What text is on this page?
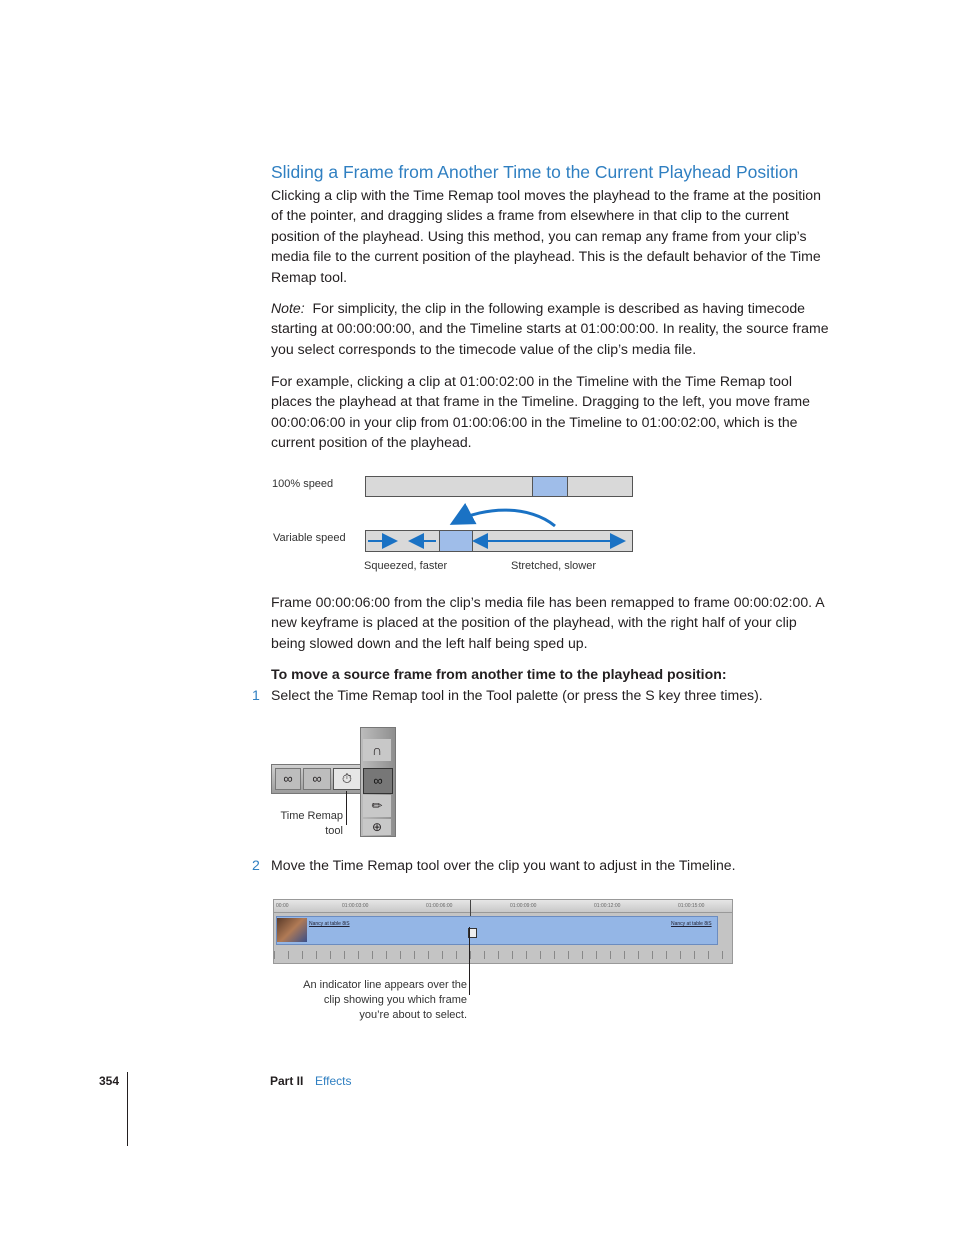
Sliding a Frame from Another Time to the Current Playhead Position
Clicking a clip with the Time Remap tool moves the playhead to the frame at the position of the pointer, and dragging slides a frame from elsewhere in that clip to the current position of the playhead. Using this method, you can remap any frame from your clip’s media file to the current position of the playhead. This is the default behavior of the Time Remap tool.
Note: For simplicity, the clip in the following example is described as having timecode starting at 00:00:00:00, and the Timeline starts at 01:00:00:00. In reality, the source frame you select corresponds to the timecode value of the clip’s media file.
For example, clicking a clip at 01:00:02:00 in the Timeline with the Time Remap tool places the playhead at that frame in the Timeline. Dragging to the left, you move frame 00:00:06:00 in your clip from 01:00:06:00 in the Timeline to 01:00:02:00, which is the current position of the playhead.
100% speed
Variable speed
Squeezed, faster	Stretched, slower
Frame 00:00:06:00 from the clip’s media file has been remapped to frame 00:00:02:00. A new keyframe is placed at the position of the playhead, with the right half of your clip being slowed down and the left half being sped up.
To move a source frame from another time to the playhead position:
1 Select the Time Remap tool in the Tool palette (or press the S key three times).
∞	∞	⏱
∩
∞
✏
⊕
Time Remap
tool
2 Move the Time Remap tool over the clip you want to adjust in the Timeline.
00:00	01:00:03:00	01:00:06:00	01:00:09:00	01:00:12:00	01:00:15:00
Nancy at table 8iS	Nancy at table 8iS
An indicator line appears over the
clip showing you which frame
you’re about to select.
354	Part II Effects
